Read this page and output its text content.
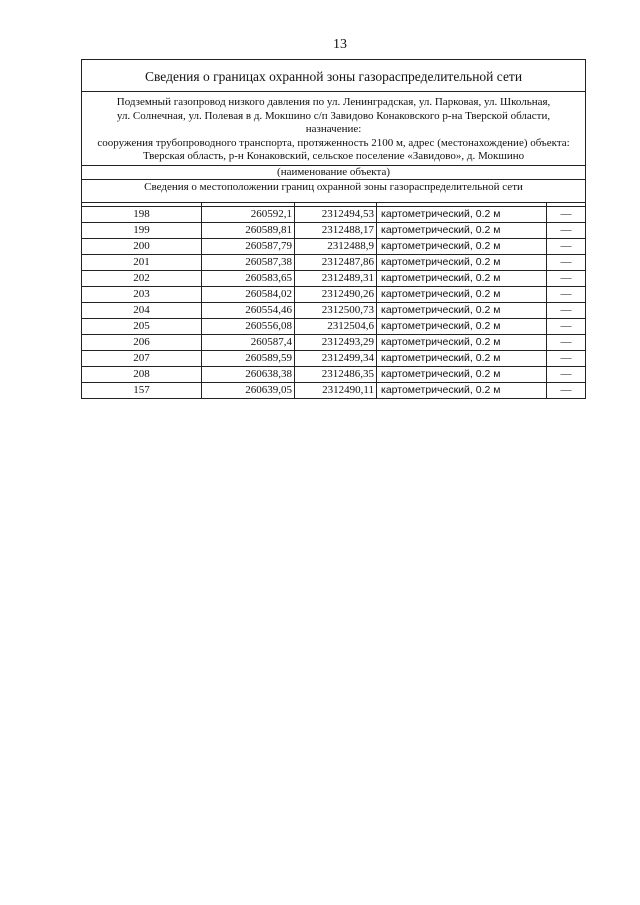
13
Сведения о границах охранной зоны газораспределительной сети				

Подземный газопровод низкого давления по ул. Ленинградская, ул. Парковая, ул. Школьная,
ул. Солнечная, ул. Полевая в д. Мокшино с/п Завидово Конаковского р-на Тверской области, назначение:
сооружения трубопроводного транспорта, протяженность 2100 м, адрес (местонахождение) объекта:
Тверская область, р-н Конаковский, сельское поселение «Завидово», д. Мокшино				

(наименование объекта)				
Сведения о местоположении границ охранной зоны газораспределительной сети				

198	260592,1	2312494,53	картометрический, 0.2 м	—
199	260589,81	2312488,17	картометрический, 0.2 м	—
200	260587,79	2312488,9	картометрический, 0.2 м	—
201	260587,38	2312487,86	картометрический, 0.2 м	—
202	260583,65	2312489,31	картометрический, 0.2 м	—
203	260584,02	2312490,26	картометрический, 0.2 м	—
204	260554,46	2312500,73	картометрический, 0.2 м	—
205	260556,08	2312504,6	картометрический, 0.2 м	—
206	260587,4	2312493,29	картометрический, 0.2 м	—
207	260589,59	2312499,34	картометрический, 0.2 м	—
208	260638,38	2312486,35	картометрический, 0.2 м	—
157	260639,05	2312490,11	картометрический, 0.2 м	—
